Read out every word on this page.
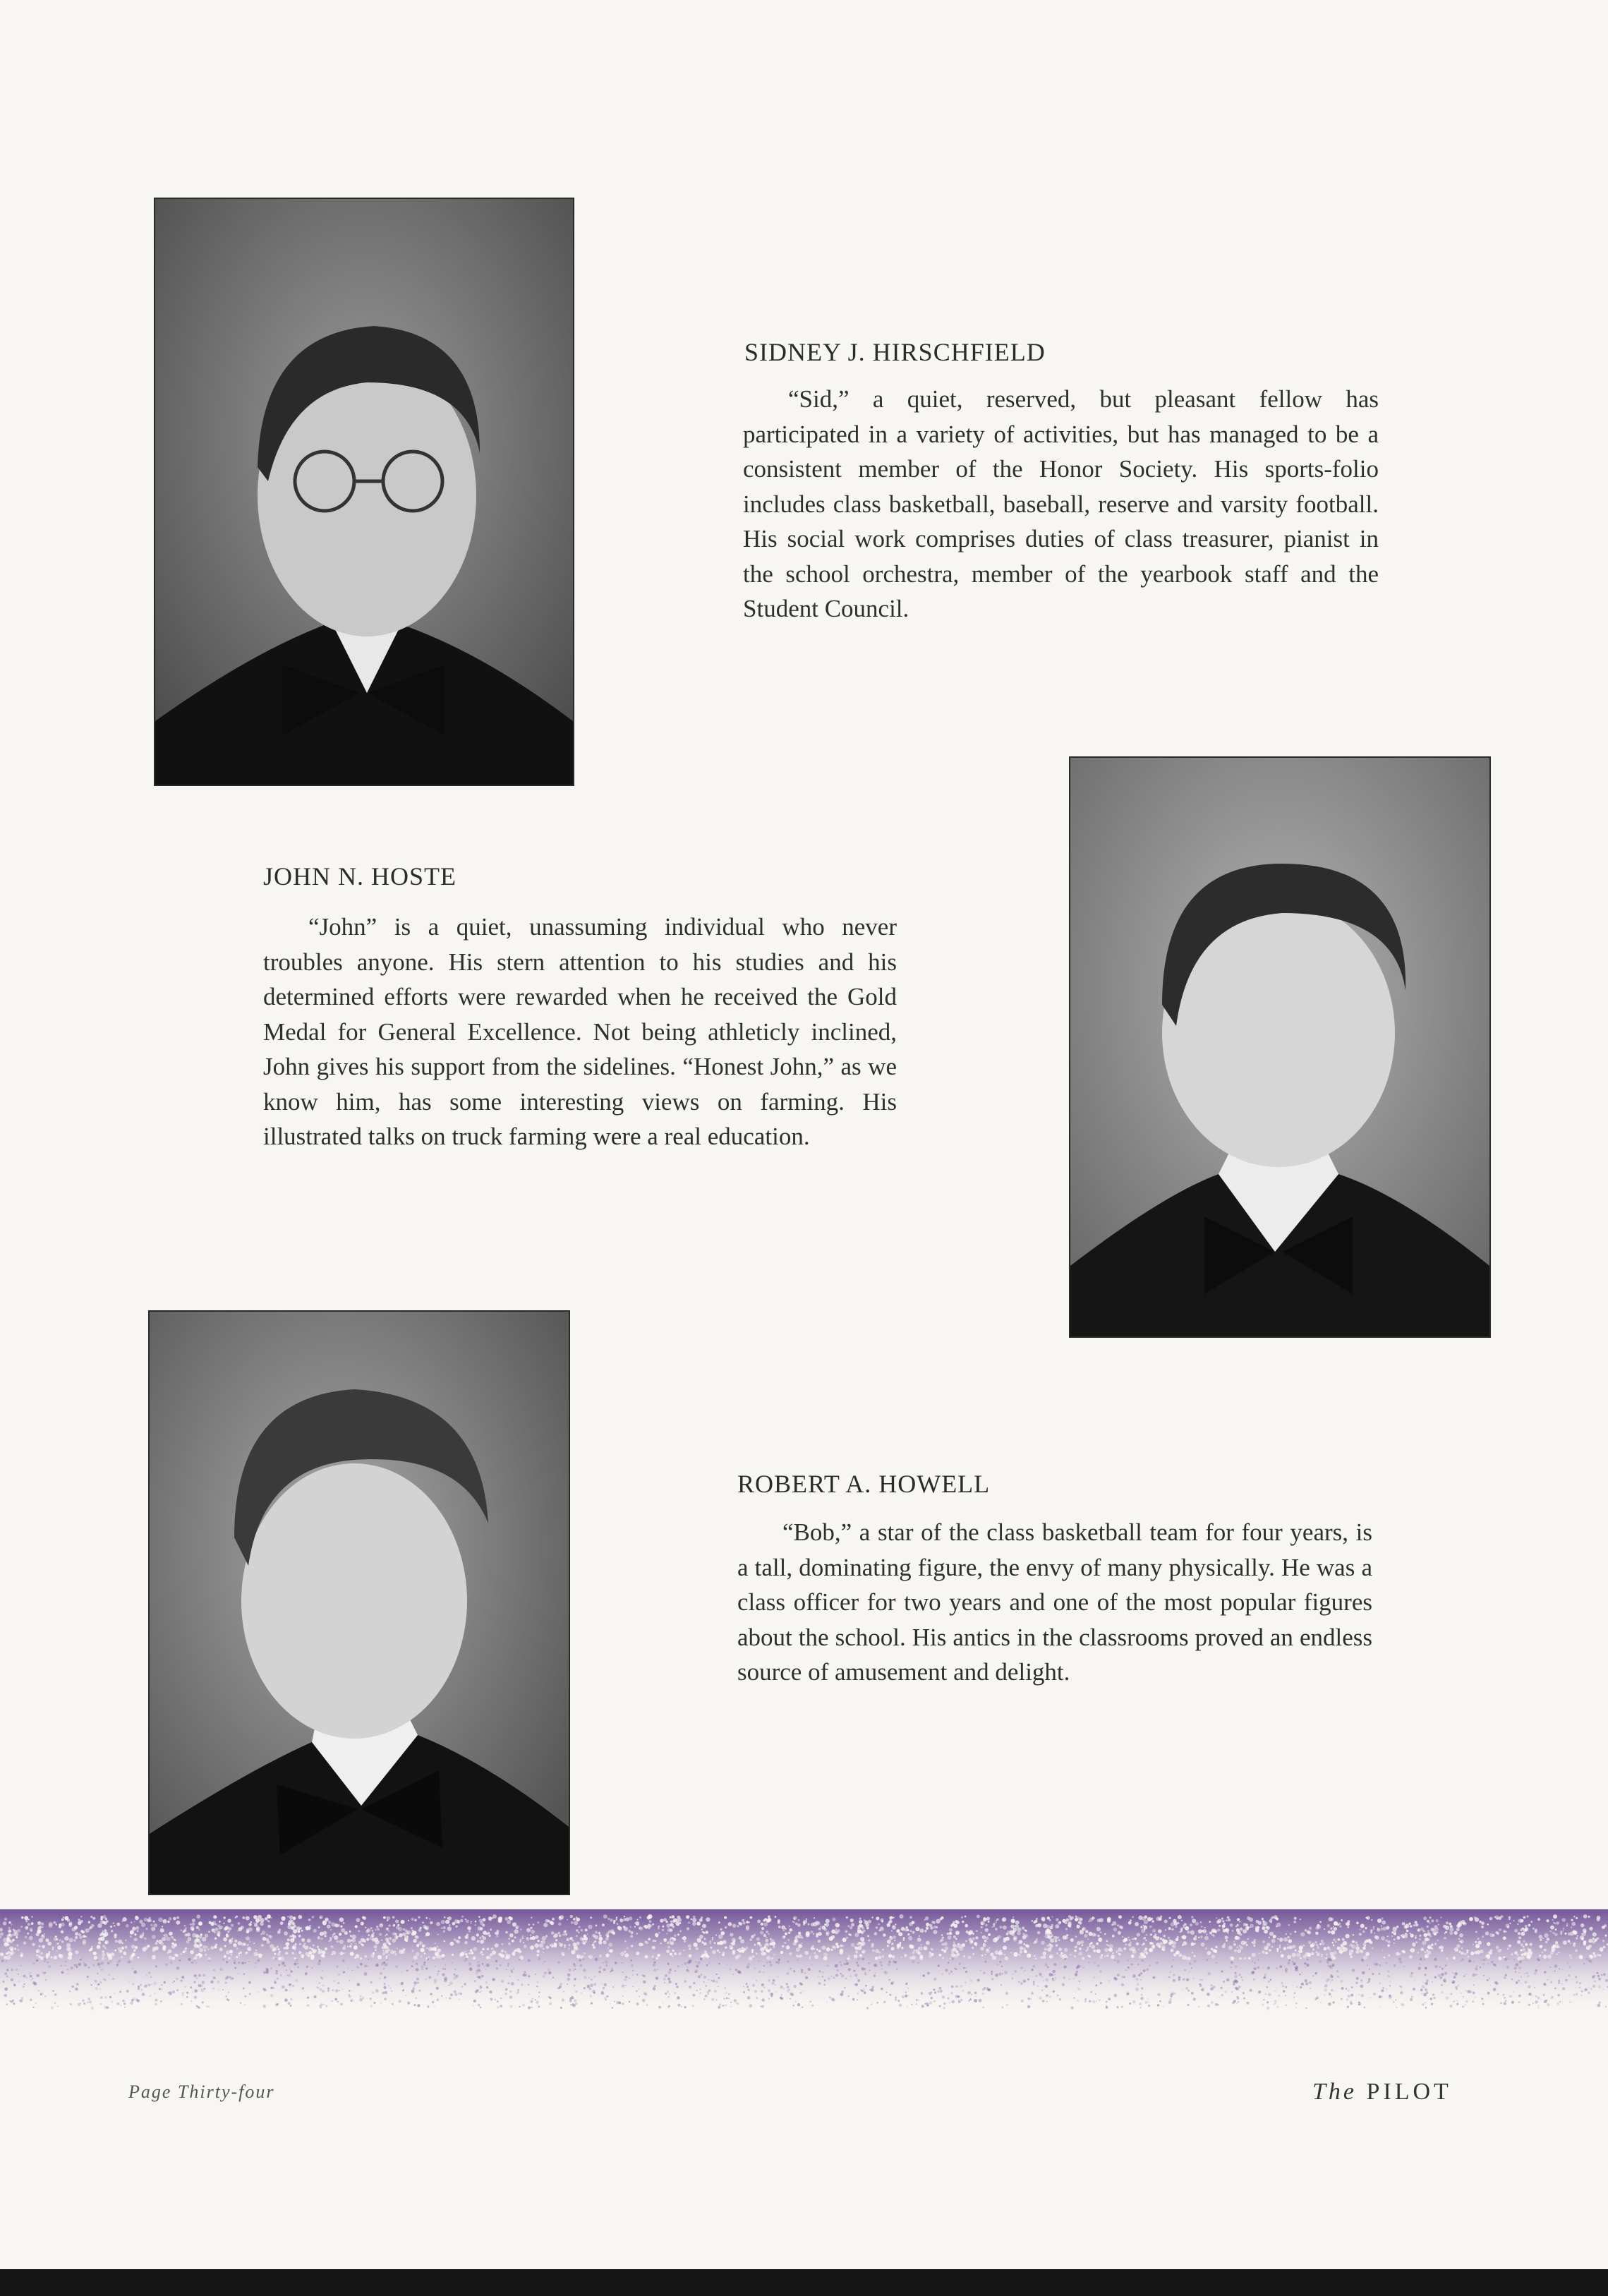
SIDNEY J. HIRSCHFIELD

“Sid,” a quiet, reserved, but pleasant fellow has participated in a variety of activities, but has managed to be a consistent member of the Honor Society. His sports-folio includes class basketball, baseball, reserve and varsity football. His social work comprises duties of class treasurer, pianist in the school orchestra, member of the yearbook staff and the Student Council.

JOHN N. HOSTE

“John” is a quiet, unassuming individual who never troubles anyone. His stern attention to his studies and his determined efforts were rewarded when he received the Gold Medal for General Excellence. Not being athleticly inclined, John gives his support from the sidelines. “Honest John,” as we know him, has some interesting views on farming. His illustrated talks on truck farming were a real education.

ROBERT A. HOWELL

“Bob,” a star of the class basketball team for four years, is a tall, dominating figure, the envy of many physically. He was a class officer for two years and one of the most popular figures about the school. His antics in the classrooms proved an endless source of amusement and delight.

Page Thirty-four	The PILOT
